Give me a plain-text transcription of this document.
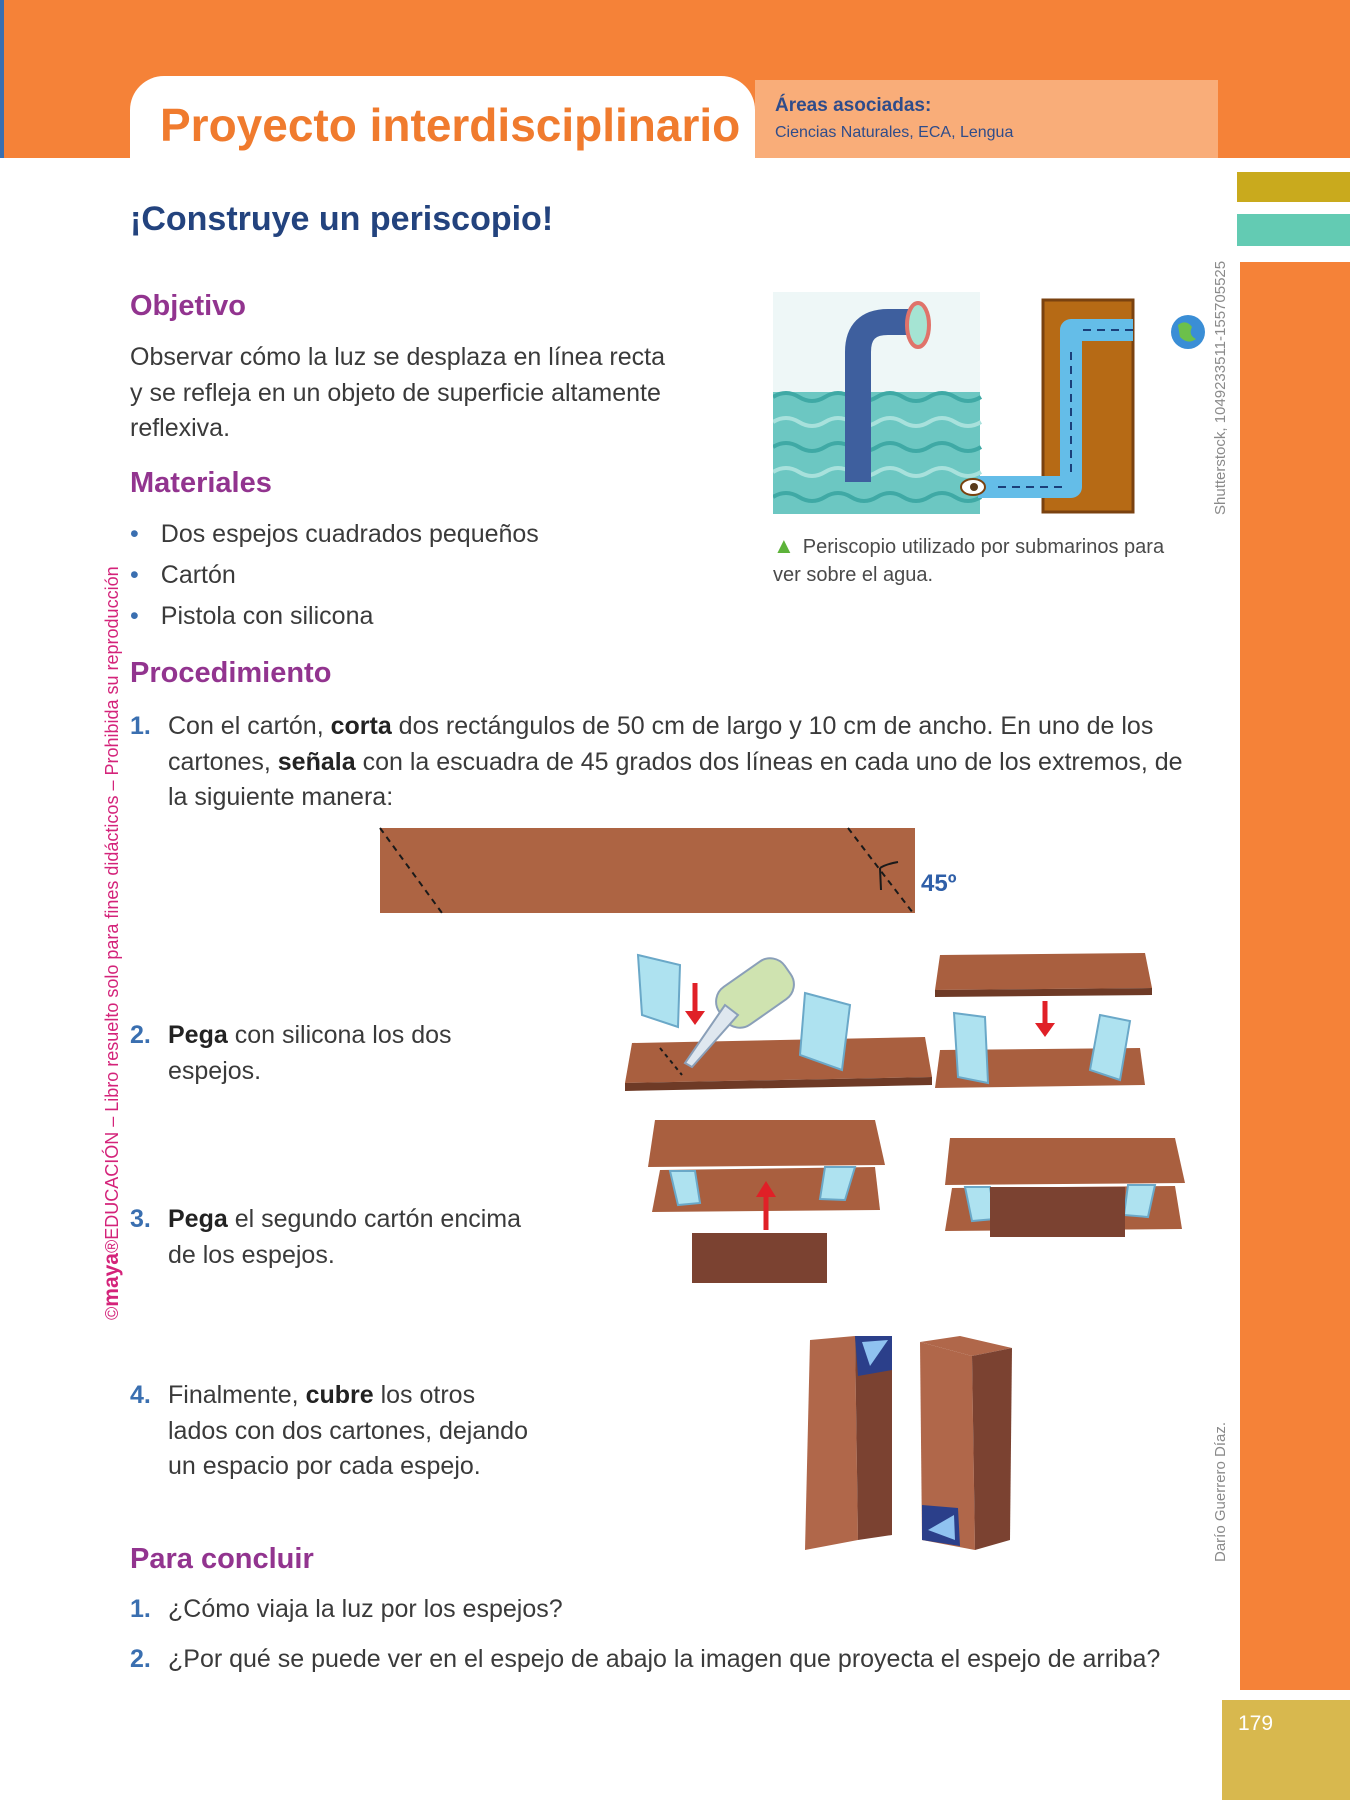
Proyecto interdisciplinario Áreas asociadas:
Ciencias Naturales, ECA, Lengua
179
©maya®EDUCACIÓN – Libro resuelto solo para fines didácticos – Prohibida su reproducción
Shutterstock, 1049233511-155705525
Darío Guerrero Díaz.
¡Construye un periscopio!
Objetivo
Observar cómo la luz se desplaza en línea recta
y se refleja en un objeto de superficie altamente
reflexiva.
▲ Periscopio utilizado por submarinos para
ver sobre el agua.
Materiales
• Dos espejos cuadrados pequeños
• Cartón
• Pistola con silicona
Procedimiento
1. Con el cartón, corta dos rectángulos de 50 cm de largo y 10 cm de ancho. En uno de los
cartones, señala con la escuadra de 45 grados dos líneas en cada uno de los extremos, de
la siguiente manera:
45º
2. Pega con silicona los dos
espejos.
3. Pega el segundo cartón encima
de los espejos.
4. Finalmente, cubre los otros
lados con dos cartones, dejando
un espacio por cada espejo.
Para concluir
1. ¿Cómo viaja la luz por los espejos?
2. ¿Por qué se puede ver en el espejo de abajo la imagen que proyecta el espejo de arriba?
